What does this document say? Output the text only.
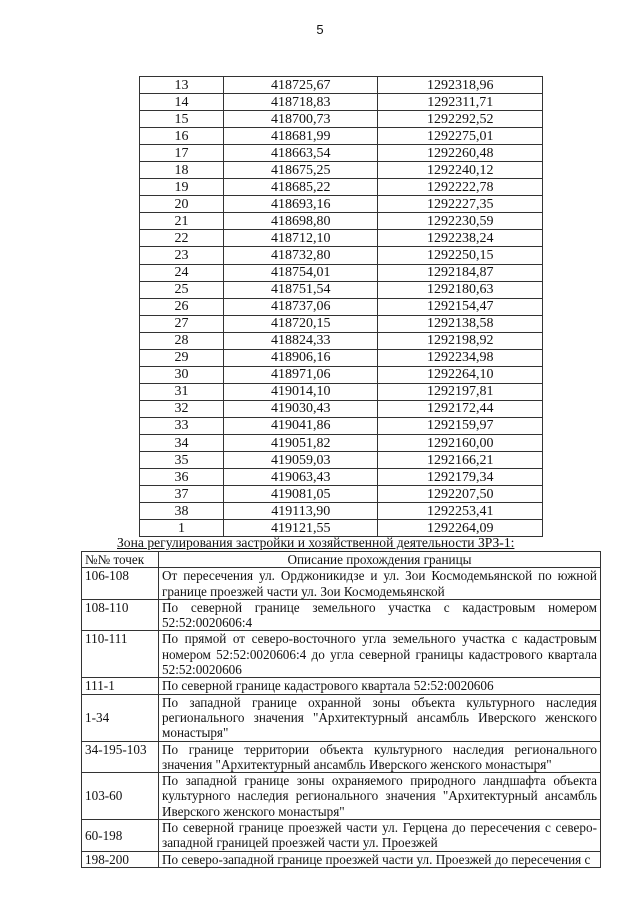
5
13	418725,67	1292318,96
14	418718,83	1292311,71
15	418700,73	1292292,52
16	418681,99	1292275,01
17	418663,54	1292260,48
18	418675,25	1292240,12
19	418685,22	1292222,78
20	418693,16	1292227,35
21	418698,80	1292230,59
22	418712,10	1292238,24
23	418732,80	1292250,15
24	418754,01	1292184,87
25	418751,54	1292180,63
26	418737,06	1292154,47
27	418720,15	1292138,58
28	418824,33	1292198,92
29	418906,16	1292234,98
30	418971,06	1292264,10
31	419014,10	1292197,81
32	419030,43	1292172,44
33	419041,86	1292159,97
34	419051,82	1292160,00
35	419059,03	1292166,21
36	419063,43	1292179,34
37	419081,05	1292207,50
38	419113,90	1292253,41
1	419121,55	1292264,09
Зона регулирования застройки и хозяйственной деятельности ЗРЗ-1:
№№ точек	Описание прохождения границы
106-108	От пересечения ул. Орджоникидзе и ул. Зои Космодемьянской по южной границе проезжей части ул. Зои Космодемьянской
108-110	По северной границе земельного участка с кадастровым номером 52:52:0020606:4
110-111	По прямой от северо-восточного угла земельного участка с кадастровым номером 52:52:0020606:4 до угла северной границы кадастрового квартала 52:52:0020606
111-1	По северной границе кадастрового квартала 52:52:0020606
1-34	По западной границе охранной зоны объекта культурного наследия регионального значения "Архитектурный ансамбль Иверского женского монастыря"
34-195-103	По границе территории объекта культурного наследия регионального значения "Архитектурный ансамбль Иверского женского монастыря"
103-60	По западной границе зоны охраняемого природного ландшафта объекта культурного наследия регионального значения "Архитектурный ансамбль Иверского женского монастыря"
60-198	По северной границе проезжей части ул. Герцена до пересечения с северо-западной границей проезжей части ул. Проезжей
198-200	По северо-западной границе проезжей части ул. Проезжей до пересечения с
